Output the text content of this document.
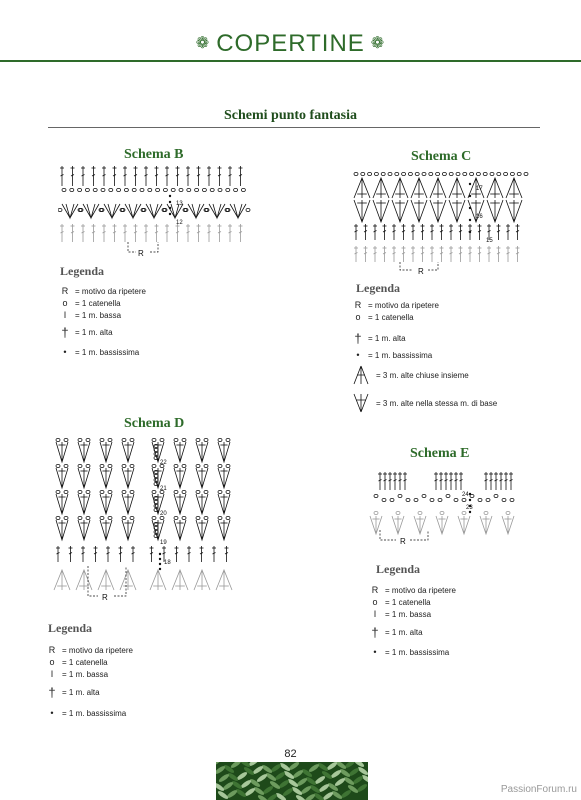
❁ COPERTINE ❁
Schemi punto fantasia
Schema B
13
12
R
Legenda
R = motivo da ripetere
o = 1 catenella
I	= 1 m. bassa
† = 1 m. alta
•	= 1 m. bassissima
Schema C
17
16
15
R
Legenda
R = motivo da ripetere
o = 1 catenella
† = 1 m. alta
•	= 1 m. bassissima
= 3 m. alte chiuse insieme
= 3 m. alte nella stessa m. di base
Schema D
22
21
20
19
18
R
Legenda
R = motivo da ripetere
o = 1 catenella
I	= 1 m. bassa
† = 1 m. alta
•	= 1 m. bassissima
Schema E
24
23
R
Legenda
R = motivo da ripetere
o = 1 catenella
I	= 1 m. bassa
† = 1 m. alta
•	= 1 m. bassissima
82
PassionForum.ru
